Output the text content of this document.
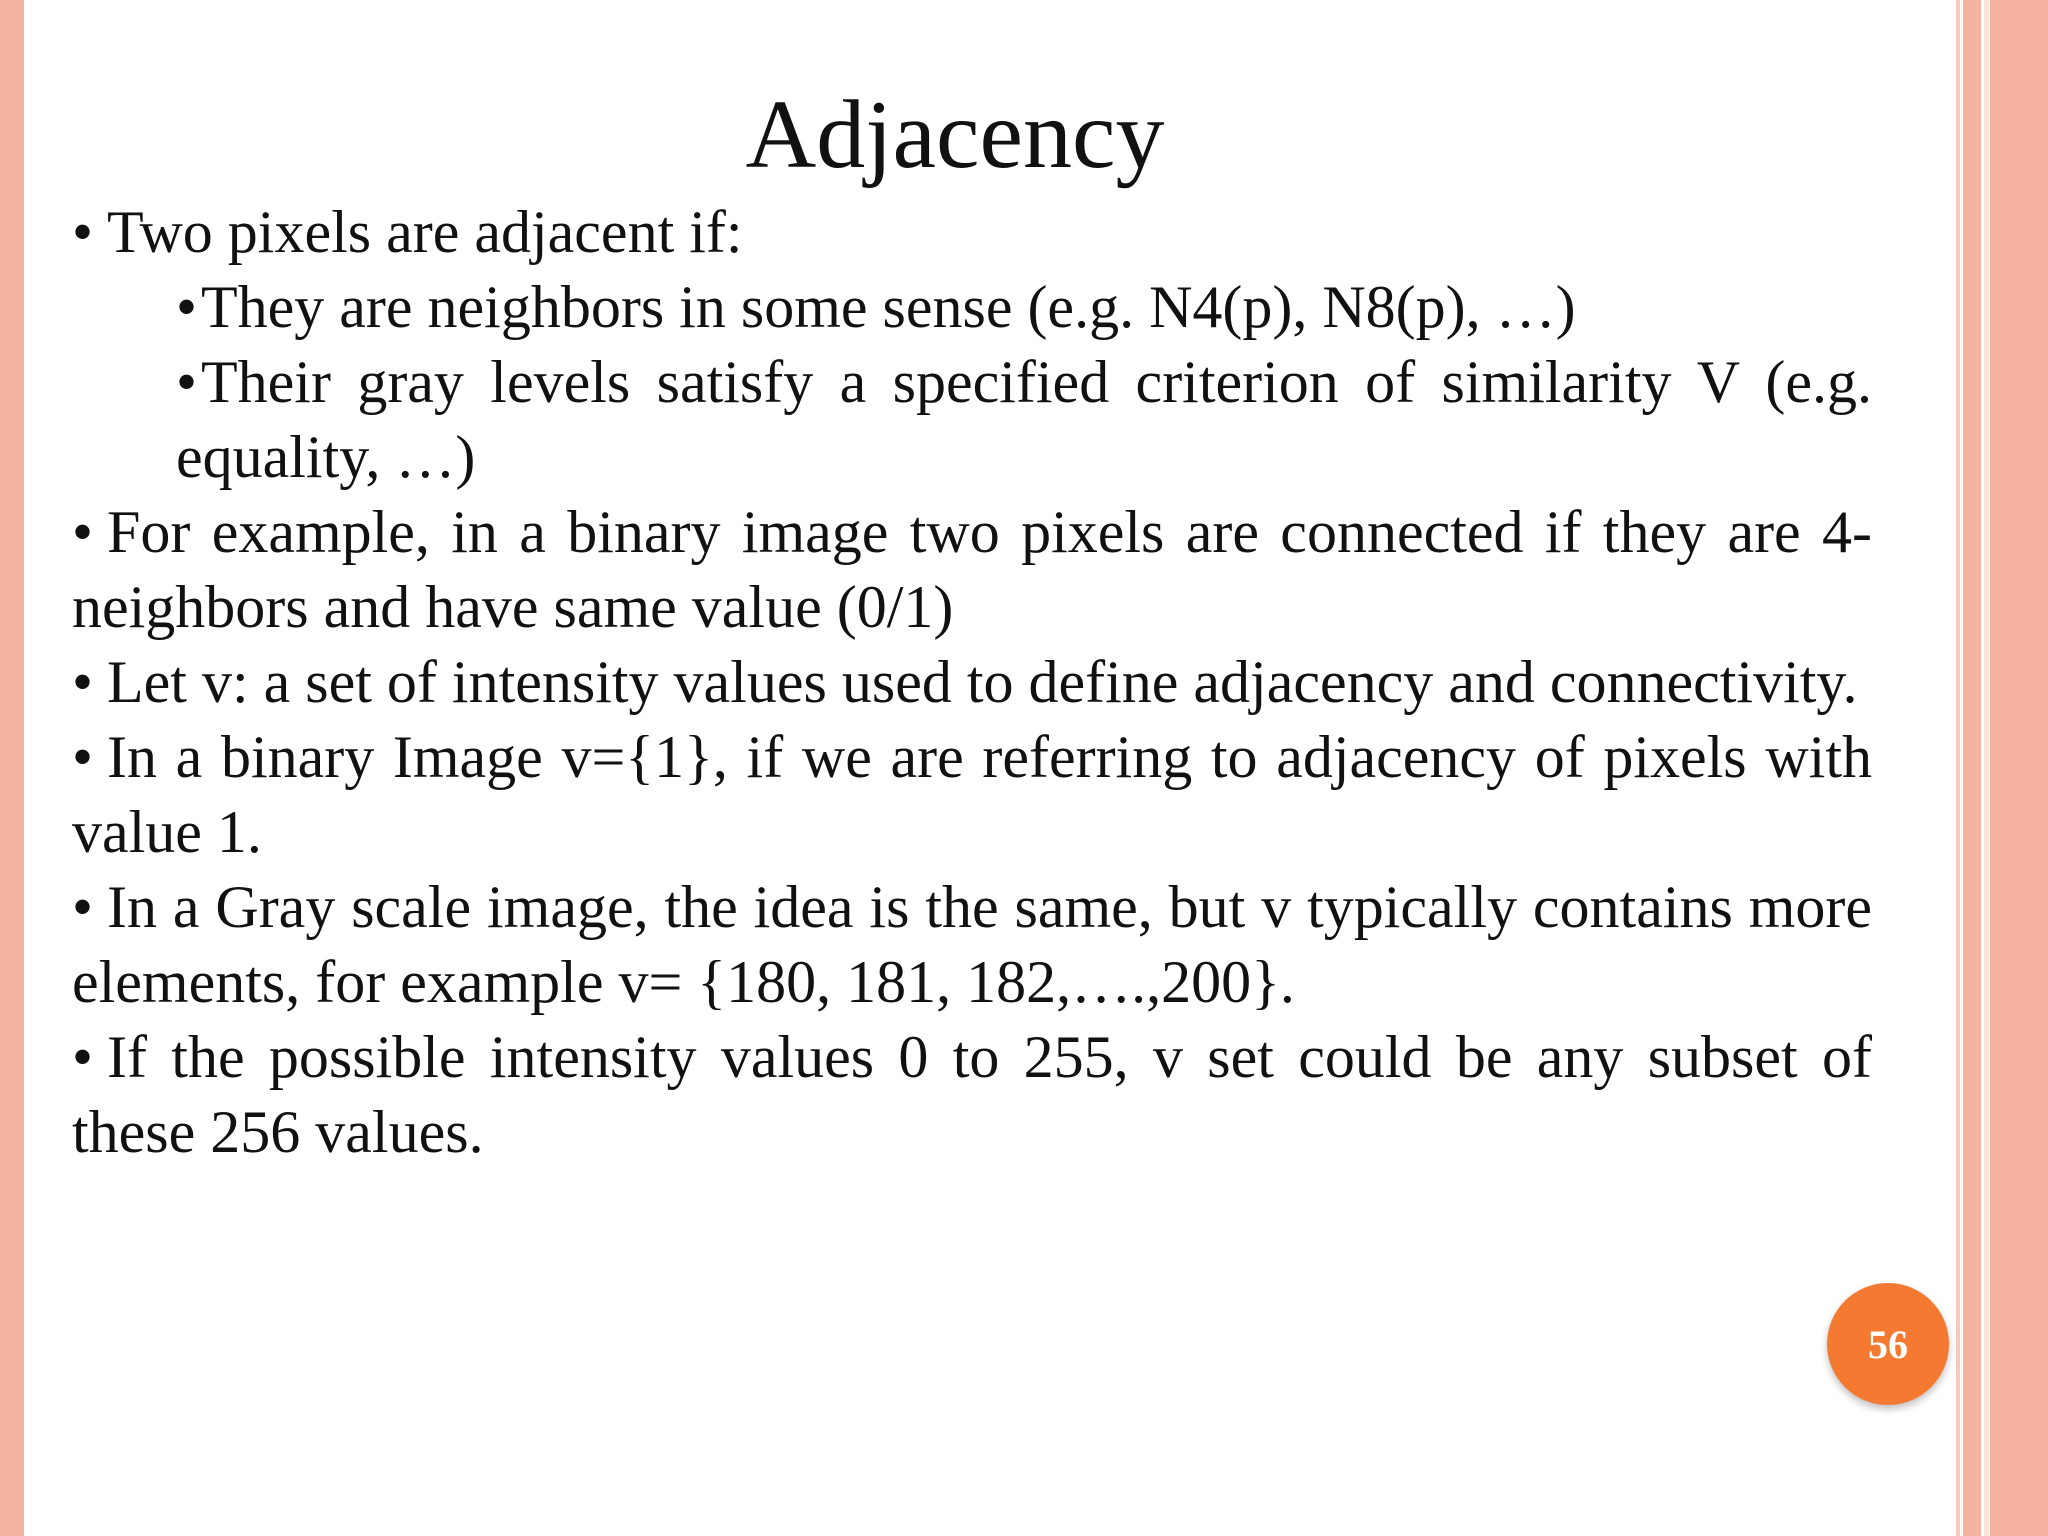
Adjacency

• Two pixels are adjacent if:

•They are neighbors in some sense (e.g. N4(p), N8(p), …)

•Their gray levels satisfy a specified criterion of similarity V (e.g. equality, …)

• For example, in a binary image two pixels are connected if they are 4-neighbors and have same value (0/1)

• Let v: a set of intensity values used to define adjacency and connectivity.

• In a binary Image v={1}, if we are referring to adjacency of pixels with value 1.

• In a Gray scale image, the idea is the same, but v typically contains more elements, for example v= {180, 181, 182,….,200}.

• If the possible intensity values 0 to 255, v set could be any subset of these 256 values.

56
